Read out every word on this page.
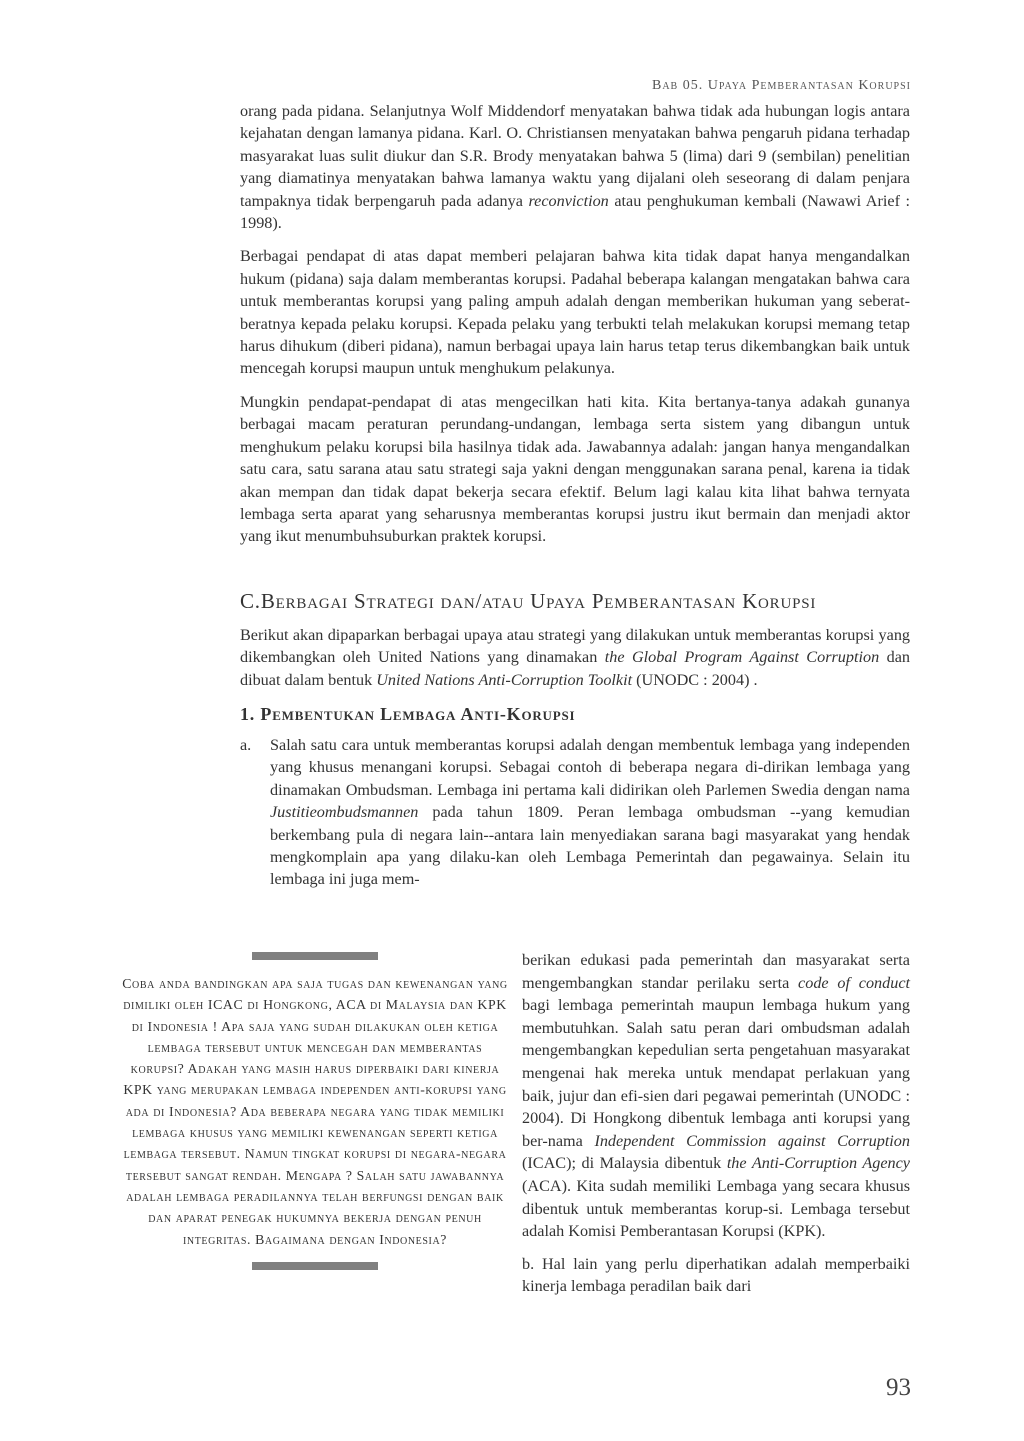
Bab 05. Upaya Pemberantasan Korupsi

orang pada pidana. Selanjutnya Wolf Middendorf menyatakan bahwa tidak ada hubungan logis antara kejahatan dengan lamanya pidana. Karl. O. Christiansen menyatakan bahwa pengaruh pidana terhadap masyarakat luas sulit diukur dan S.R. Brody menyatakan bahwa 5 (lima) dari 9 (sembilan) penelitian yang diamatinya menyatakan bahwa lamanya waktu yang dijalani oleh seseorang di dalam penjara tampaknya tidak berpengaruh pada adanya reconviction atau penghukuman kembali (Nawawi Arief : 1998).

Berbagai pendapat di atas dapat memberi pelajaran bahwa kita tidak dapat hanya mengandalkan hukum (pidana) saja dalam memberantas korupsi. Padahal beberapa kalangan mengatakan bahwa cara untuk memberantas korupsi yang paling ampuh adalah dengan memberikan hukuman yang seberat-beratnya kepada pelaku korupsi. Kepada pelaku yang terbukti telah melakukan korupsi memang tetap harus dihukum (diberi pidana), namun berbagai upaya lain harus tetap terus dikembangkan baik untuk mencegah korupsi maupun untuk menghukum pelakunya.

Mungkin pendapat-pendapat di atas mengecilkan hati kita. Kita bertanya-tanya adakah gunanya berbagai macam peraturan perundang-undangan, lembaga serta sistem yang dibangun untuk menghukum pelaku korupsi bila hasilnya tidak ada. Jawabannya adalah: jangan hanya mengandalkan satu cara, satu sarana atau satu strategi saja yakni dengan menggunakan sarana penal, karena ia tidak akan mempan dan tidak dapat bekerja secara efektif. Belum lagi kalau kita lihat bahwa ternyata lembaga serta aparat yang seharusnya memberantas korupsi justru ikut bermain dan menjadi aktor yang ikut menumbuhsuburkan praktek korupsi.

C.Berbagai Strategi dan/atau Upaya Pemberantasan Korupsi

Berikut akan dipaparkan berbagai upaya atau strategi yang dilakukan untuk memberantas korupsi yang dikembangkan oleh United Nations yang dinamakan the Global Program Against Corruption dan dibuat dalam bentuk United Nations Anti-Corruption Toolkit (UNODC : 2004) .

1. Pembentukan Lembaga Anti-Korupsi
a. Salah satu cara untuk memberantas korupsi adalah dengan membentuk lembaga yang independen yang khusus menangani korupsi. Sebagai contoh di beberapa negara di-dirikan lembaga yang dinamakan Ombudsman. Lembaga ini pertama kali didirikan oleh Parlemen Swedia dengan nama Justitieombudsmannen pada tahun 1809. Peran lembaga ombudsman --yang kemudian berkembang pula di negara lain--antara lain menyediakan sarana bagi masyarakat yang hendak mengkomplain apa yang dilaku-kan oleh Lembaga Pemerintah dan pegawainya. Selain itu lembaga ini juga mem-
Coba anda bandingkan apa saja tugas dan kewenangan yang dimiliki oleh ICAC di Hongkong, ACA di Malaysia dan KPK di Indonesia ! Apa saja yang sudah dilakukan oleh ketiga lembaga tersebut untuk mencegah dan memberantas korupsi? Adakah yang masih harus diperbaiki dari kinerja KPK yang merupakan lembaga independen anti-korupsi yang ada di Indonesia? Ada beberapa negara yang tidak memiliki lembaga khusus yang memiliki kewenangan seperti ketiga lembaga tersebut. Namun tingkat korupsi di negara-negara tersebut sangat rendah. Mengapa ? Salah satu jawabannya adalah lembaga peradilannya telah berfungsi dengan baik dan aparat penegak hukumnya bekerja dengan penuh integritas. Bagaimana dengan Indonesia?

berikan edukasi pada pemerintah dan masyarakat serta mengembangkan standar perilaku serta code of conduct bagi lembaga pemerintah maupun lembaga hukum yang membutuhkan. Salah satu peran dari ombudsman adalah mengembangkan kepedulian serta pengetahuan masyarakat mengenai hak mereka untuk mendapat perlakuan yang baik, jujur dan efi-sien dari pegawai pemerintah (UNODC : 2004). Di Hongkong dibentuk lembaga anti korupsi yang ber-nama Independent Commission against Corruption (ICAC); di Malaysia dibentuk the Anti-Corruption Agency (ACA). Kita sudah memiliki Lembaga yang secara khusus dibentuk untuk memberantas korup-si. Lembaga tersebut adalah Komisi Pemberantasan Korupsi (KPK).

b. Hal lain yang perlu diperhatikan adalah memperbaiki kinerja lembaga peradilan baik dari

93
